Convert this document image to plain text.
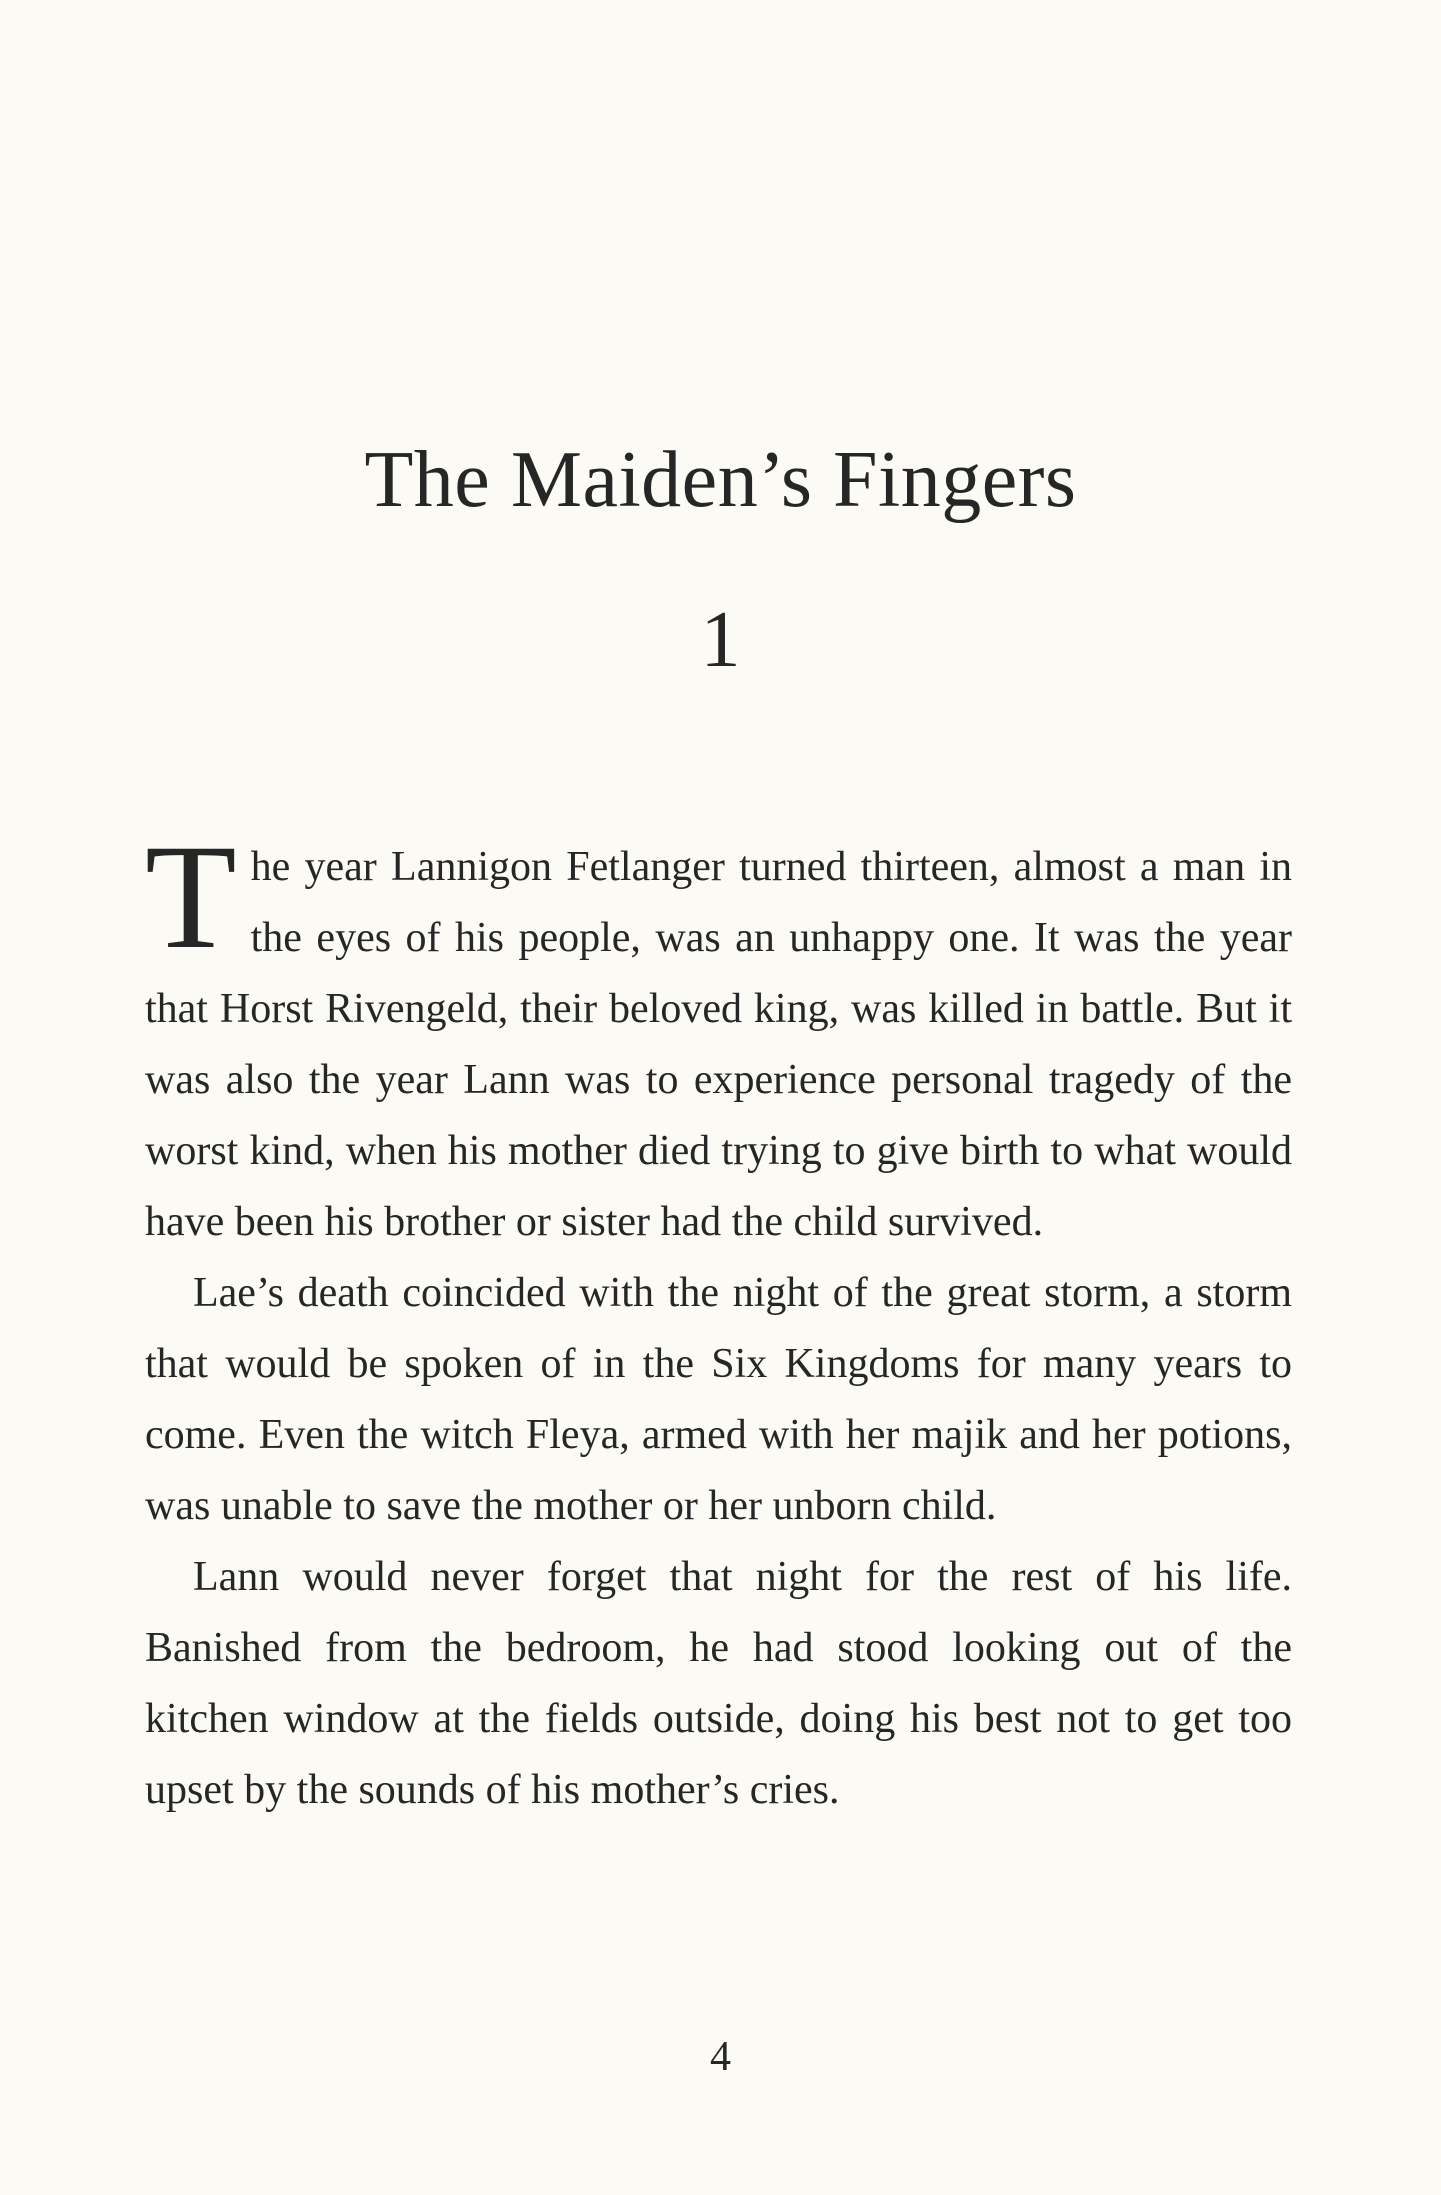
The Maiden’s Fingers
1

The year Lannigon Fetlanger turned thirteen, almost a man in the eyes of his people, was an unhappy one. It was the year that Horst Rivengeld, their beloved king, was killed in battle. But it was also the year Lann was to experience personal tragedy of the worst kind, when his mother died trying to give birth to what would have been his brother or sister had the child survived.

Lae’s death coincided with the night of the great storm, a storm that would be spoken of in the Six Kingdoms for many years to come. Even the witch Fleya, armed with her majik and her potions, was unable to save the mother or her unborn child.

Lann would never forget that night for the rest of his life. Banished from the bedroom, he had stood looking out of the kitchen window at the fields outside, doing his best not to get too upset by the sounds of his mother’s cries.

4
